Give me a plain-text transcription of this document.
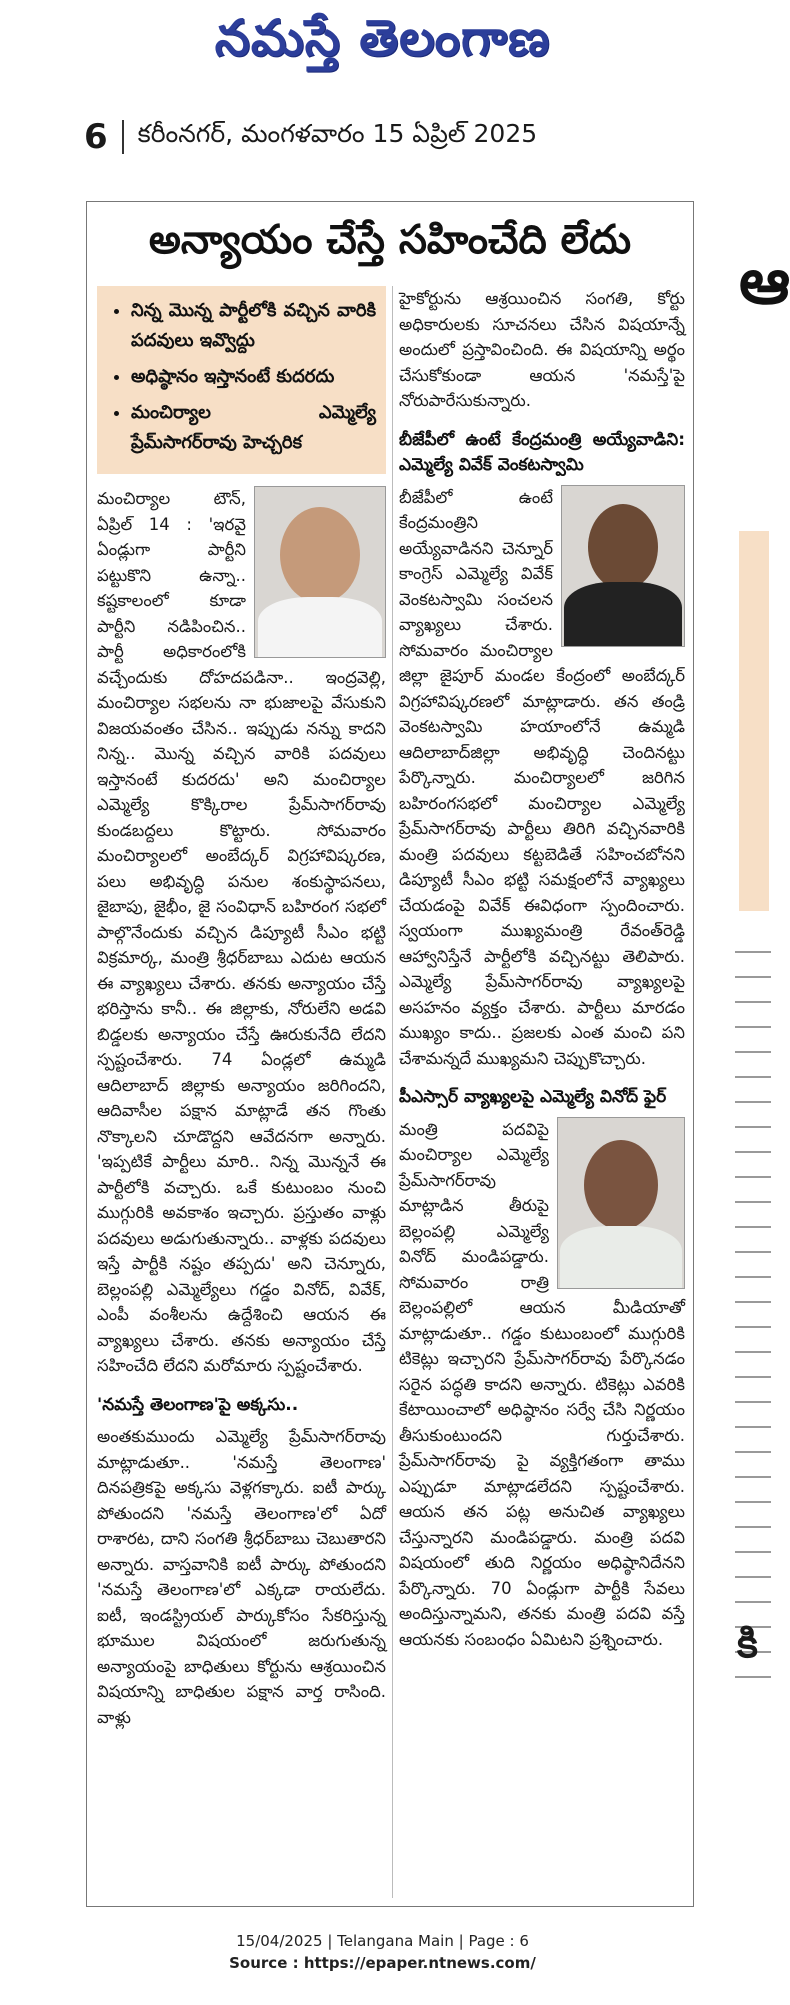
నమస్తే తెలంగాణ
6 కరీంనగర్, మంగళవారం 15 ఏప్రిల్ 2025
అన్యాయం చేస్తే సహించేది లేదు
• నిన్న మొన్న పార్టీలోకి వచ్చిన వారికి పదవులు ఇవ్వొద్దు
• అధిష్ఠానం ఇస్తానంటే కుదరదు
• మంచిర్యాల ఎమ్మెల్యే ప్రేమ్‌సాగర్‌రావు హెచ్చరిక
మంచిర్యాల టౌన్, ఏప్రిల్ 14 : 'ఇరవై ఏండ్లుగా పార్టీని పట్టుకొని ఉన్నా.. కష్టకాలంలో కూడా పార్టీని నడిపించిన.. పార్టీ అధికారంలోకి వచ్చేందుకు దోహదపడినా.. ఇంద్రవెల్లి, మంచిర్యాల సభలను నా భుజాలపై వేసుకుని విజయవంతం చేసిన.. ఇప్పుడు నన్ను కాదని నిన్న.. మొన్న వచ్చిన వారికి పదవులు ఇస్తానంటే కుదరదు' అని మంచిర్యాల ఎమ్మెల్యే కొక్కిరాల ప్రేమ్‌సాగర్‌రావు కుండబద్దలు కొట్టారు. సోమవారం మంచిర్యాలలో అంబేద్కర్ విగ్రహావిష్కరణ, పలు అభివృద్ధి పనుల శంకుస్థాపనలు, జైబాపు, జైభీం, జై సంవిధాన్ బహిరంగ సభలో పాల్గొనేందుకు వచ్చిన డిప్యూటీ సీఎం భట్టి విక్రమార్క, మంత్రి శ్రీధర్‌బాబు ఎదుట ఆయన ఈ వ్యాఖ్యలు చేశారు. తనకు అన్యాయం చేస్తే భరిస్తాను కానీ.. ఈ జిల్లాకు, నోరులేని అడవి బిడ్డలకు అన్యాయం చేస్తే ఊరుకునేది లేదని స్పష్టంచేశారు. 74 ఏండ్లలో ఉమ్మడి ఆదిలాబాద్ జిల్లాకు అన్యాయం జరిగిందని, ఆదివాసీల పక్షాన మాట్లాడే తన గొంతు నొక్కాలని చూడొద్దని ఆవేదనగా అన్నారు. 'ఇప్పటికే పార్టీలు మారి.. నిన్న మొన్ననే ఈ పార్టీలోకి వచ్చారు. ఒకే కుటుంబం నుంచి ముగ్గురికి అవకాశం ఇచ్చారు. ప్రస్తుతం వాళ్లు పదవులు అడుగుతున్నారు.. వాళ్లకు పదవులు ఇస్తే పార్టీకి నష్టం తప్పదు' అని చెన్నూరు, బెల్లంపల్లి ఎమ్మెల్యేలు గడ్డం వినోద్, వివేక్, ఎంపీ వంశీలను ఉద్దేశించి ఆయన ఈ వ్యాఖ్యలు చేశారు. తనకు అన్యాయం చేస్తే సహించేది లేదని మరోమారు స్పష్టంచేశారు.
'నమస్తే తెలంగాణ'పై అక్కసు..
అంతకుముందు ఎమ్మెల్యే ప్రేమ్‌సాగర్‌రావు మాట్లాడుతూ.. 'నమస్తే తెలంగాణ' దినపత్రికపై అక్కసు వెళ్లగక్కారు. ఐటీ పార్కు పోతుందని 'నమస్తే తెలంగాణ'లో ఏదో రాశారట, దాని సంగతి శ్రీధర్‌బాబు చెబుతారని అన్నారు. వాస్తవానికి ఐటీ పార్కు పోతుందని 'నమస్తే తెలంగాణ'లో ఎక్కడా రాయలేదు. ఐటీ, ఇండస్ట్రియల్ పార్కుకోసం సేకరిస్తున్న భూముల విషయంలో జరుగుతున్న అన్యాయంపై బాధితులు కోర్టును ఆశ్రయించిన విషయాన్ని బాధితుల పక్షాన వార్త రాసింది. వాళ్లు
హైకోర్టును ఆశ్రయించిన సంగతి, కోర్టు అధికారులకు సూచనలు చేసిన విషయాన్నే అందులో ప్రస్తావించింది. ఈ విషయాన్ని అర్థం చేసుకోకుండా ఆయన 'నమస్తే'పై నోరుపారేసుకున్నారు.
బీజేపీలో ఉంటే కేంద్రమంత్రి అయ్యేవాడిని: ఎమ్మెల్యే వివేక్ వెంకటస్వామి
బీజేపీలో ఉంటే కేంద్రమంత్రిని అయ్యేవాడినని చెన్నూర్ కాంగ్రెస్ ఎమ్మెల్యే వివేక్ వెంకటస్వామి సంచలన వ్యాఖ్యలు చేశారు. సోమవారం మంచిర్యాల జిల్లా జైపూర్ మండల కేంద్రంలో అంబేద్కర్ విగ్రహావిష్కరణలో మాట్లాడారు. తన తండ్రి వెంకటస్వామి హయాంలోనే ఉమ్మడి ఆదిలాబాద్‌జిల్లా అభివృద్ధి చెందినట్టు పేర్కొన్నారు. మంచిర్యాలలో జరిగిన బహిరంగసభలో మంచిర్యాల ఎమ్మెల్యే ప్రేమ్‌సాగర్‌రావు పార్టీలు తిరిగి వచ్చినవారికి మంత్రి పదవులు కట్టబెడితే సహించబోనని డిప్యూటీ సీఎం భట్టి సమక్షంలోనే వ్యాఖ్యలు చేయడంపై వివేక్ ఈవిధంగా స్పందించారు. స్వయంగా ముఖ్యమంత్రి రేవంత్‌రెడ్డి ఆహ్వానిస్తేనే పార్టీలోకి వచ్చినట్టు తెలిపారు. ఎమ్మెల్యే ప్రేమ్‌సాగర్‌రావు వ్యాఖ్యలపై అసహనం వ్యక్తం చేశారు. పార్టీలు మారడం ముఖ్యం కాదు.. ప్రజలకు ఎంత మంచి పని చేశామన్నదే ముఖ్యమని చెప్పుకొచ్చారు.
పీఎస్సార్ వ్యాఖ్యలపై ఎమ్మెల్యే వినోద్ ఫైర్
మంత్రి పదవిపై మంచిర్యాల ఎమ్మెల్యే ప్రేమ్‌సాగర్‌రావు మాట్లాడిన తీరుపై బెల్లంపల్లి ఎమ్మెల్యే వినోద్ మండిపడ్డారు. సోమవారం రాత్రి బెల్లంపల్లిలో ఆయన మీడియాతో మాట్లాడుతూ.. గడ్డం కుటుంబంలో ముగ్గురికి టికెట్లు ఇచ్చారని ప్రేమ్‌సాగర్‌రావు పేర్కొనడం సరైన పద్ధతి కాదని అన్నారు. టికెట్లు ఎవరికి కేటాయించాలో అధిష్ఠానం సర్వే చేసి నిర్ణయం తీసుకుంటుందని గుర్తుచేశారు. ప్రేమ్‌సాగర్‌రావు పై వ్యక్తిగతంగా తాము ఎప్పుడూ మాట్లాడలేదని స్పష్టంచేశారు. ఆయన తన పట్ల అనుచిత వ్యాఖ్యలు చేస్తున్నారని మండిపడ్డారు. మంత్రి పదవి విషయంలో తుది నిర్ణయం అధిష్ఠానిదేనని పేర్కొన్నారు. 70 ఏండ్లుగా పార్టీకి సేవలు అందిస్తున్నామని, తనకు మంత్రి పదవి వస్తే ఆయనకు సంబంధం ఏమిటని ప్రశ్నించారు.
ఆ
కి
15/04/2025 | Telangana Main | Page : 6
Source : https://epaper.ntnews.com/
